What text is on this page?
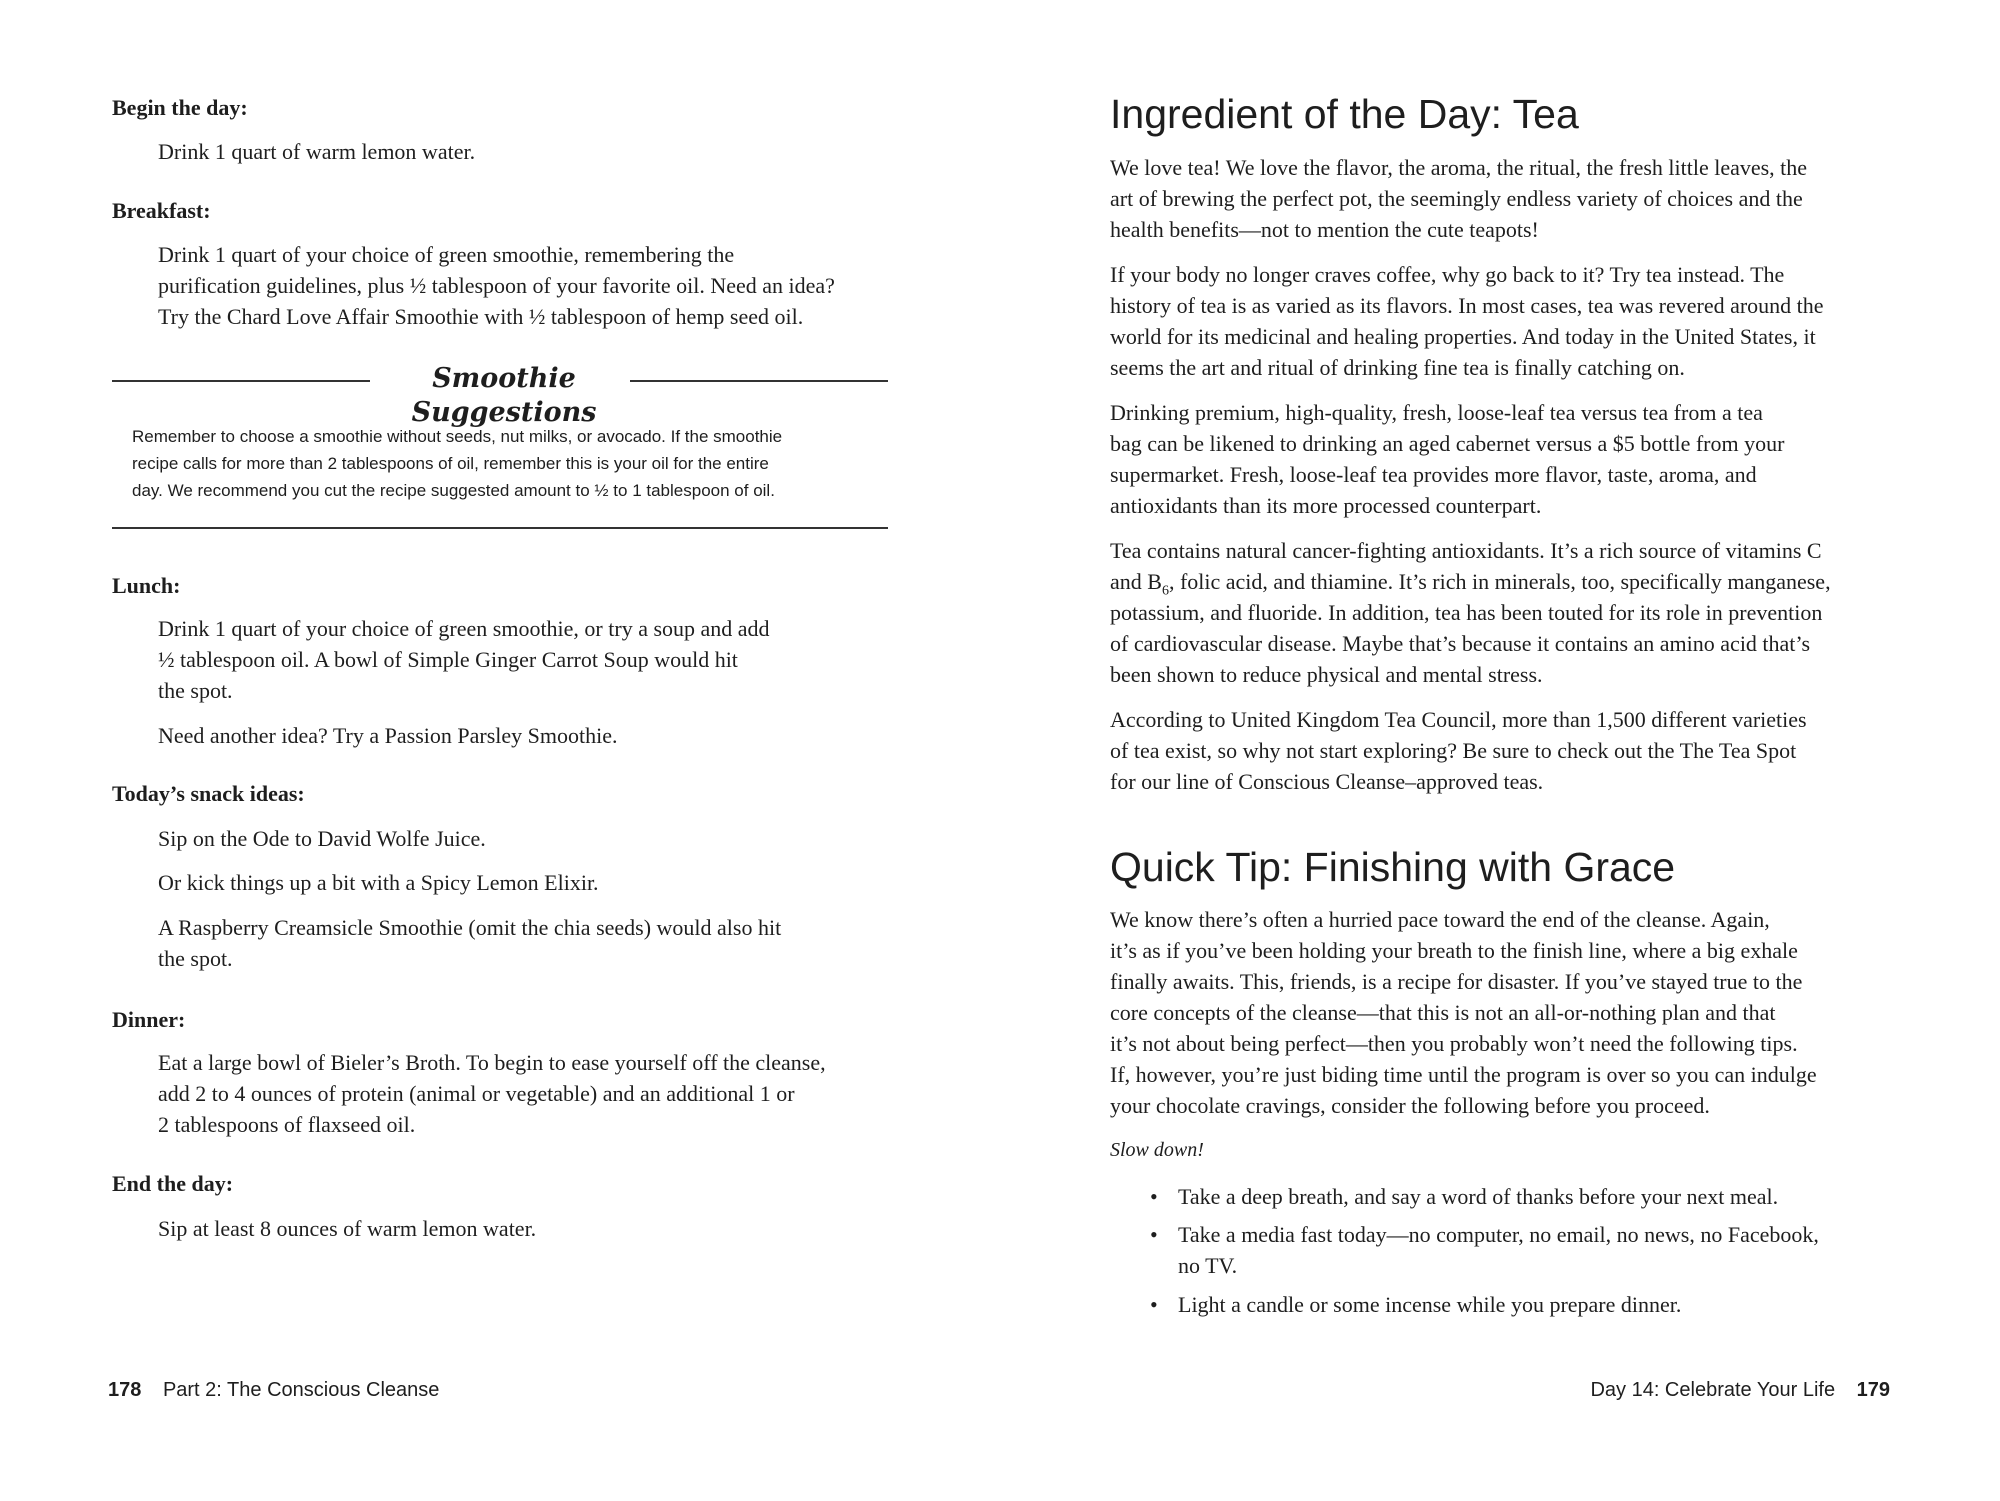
Begin the day:
Drink 1 quart of warm lemon water.
Breakfast:
Drink 1 quart of your choice of green smoothie, remembering the
purification guidelines, plus ½ tablespoon of your favorite oil. Need an idea?
Try the Chard Love Affair Smoothie with ½ tablespoon of hemp seed oil.
Smoothie Suggestions
Remember to choose a smoothie without seeds, nut milks, or avocado. If the smoothie
recipe calls for more than 2 tablespoons of oil, remember this is your oil for the entire
day. We recommend you cut the recipe suggested amount to ½ to 1 tablespoon of oil.
Lunch:
Drink 1 quart of your choice of green smoothie, or try a soup and add
½ tablespoon oil. A bowl of Simple Ginger Carrot Soup would hit
the spot.
Need another idea? Try a Passion Parsley Smoothie.
Today’s snack ideas:
Sip on the Ode to David Wolfe Juice.
Or kick things up a bit with a Spicy Lemon Elixir.
A Raspberry Creamsicle Smoothie (omit the chia seeds) would also hit
the spot.
Dinner:
Eat a large bowl of Bieler’s Broth. To begin to ease yourself off the cleanse,
add 2 to 4 ounces of protein (animal or vegetable) and an additional 1 or
2 tablespoons of flaxseed oil.
End the day:
Sip at least 8 ounces of warm lemon water.
178 Part 2: The Conscious Cleanse
Ingredient of the Day: Tea
We love tea! We love the flavor, the aroma, the ritual, the fresh little leaves, the
art of brewing the perfect pot, the seemingly endless variety of choices and the
health benefits—not to mention the cute teapots!
If your body no longer craves coffee, why go back to it? Try tea instead. The
history of tea is as varied as its flavors. In most cases, tea was revered around the
world for its medicinal and healing properties. And today in the United States, it
seems the art and ritual of drinking fine tea is finally catching on.
Drinking premium, high-quality, fresh, loose-leaf tea versus tea from a tea
bag can be likened to drinking an aged cabernet versus a $5 bottle from your
supermarket. Fresh, loose-leaf tea provides more flavor, taste, aroma, and
antioxidants than its more processed counterpart.
Tea contains natural cancer-fighting antioxidants. It’s a rich source of vitamins C
and $B_6$, folic acid, and thiamine. It’s rich in minerals, too, specifically manganese,
potassium, and fluoride. In addition, tea has been touted for its role in prevention
of cardiovascular disease. Maybe that’s because it contains an amino acid that’s
been shown to reduce physical and mental stress.
According to United Kingdom Tea Council, more than 1,500 different varieties
of tea exist, so why not start exploring? Be sure to check out the The Tea Spot
for our line of Conscious Cleanse–approved teas.
Quick Tip: Finishing with Grace
We know there’s often a hurried pace toward the end of the cleanse. Again,
it’s as if you’ve been holding your breath to the finish line, where a big exhale
finally awaits. This, friends, is a recipe for disaster. If you’ve stayed true to the
core concepts of the cleanse—that this is not an all-or-nothing plan and that
it’s not about being perfect—then you probably won’t need the following tips.
If, however, you’re just biding time until the program is over so you can indulge
your chocolate cravings, consider the following before you proceed.
Slow down!
• Take a deep breath, and say a word of thanks before your next meal.
• Take a media fast today—no computer, no email, no news, no Facebook,
no TV.
• Light a candle or some incense while you prepare dinner.
Day 14: Celebrate Your Life 179
